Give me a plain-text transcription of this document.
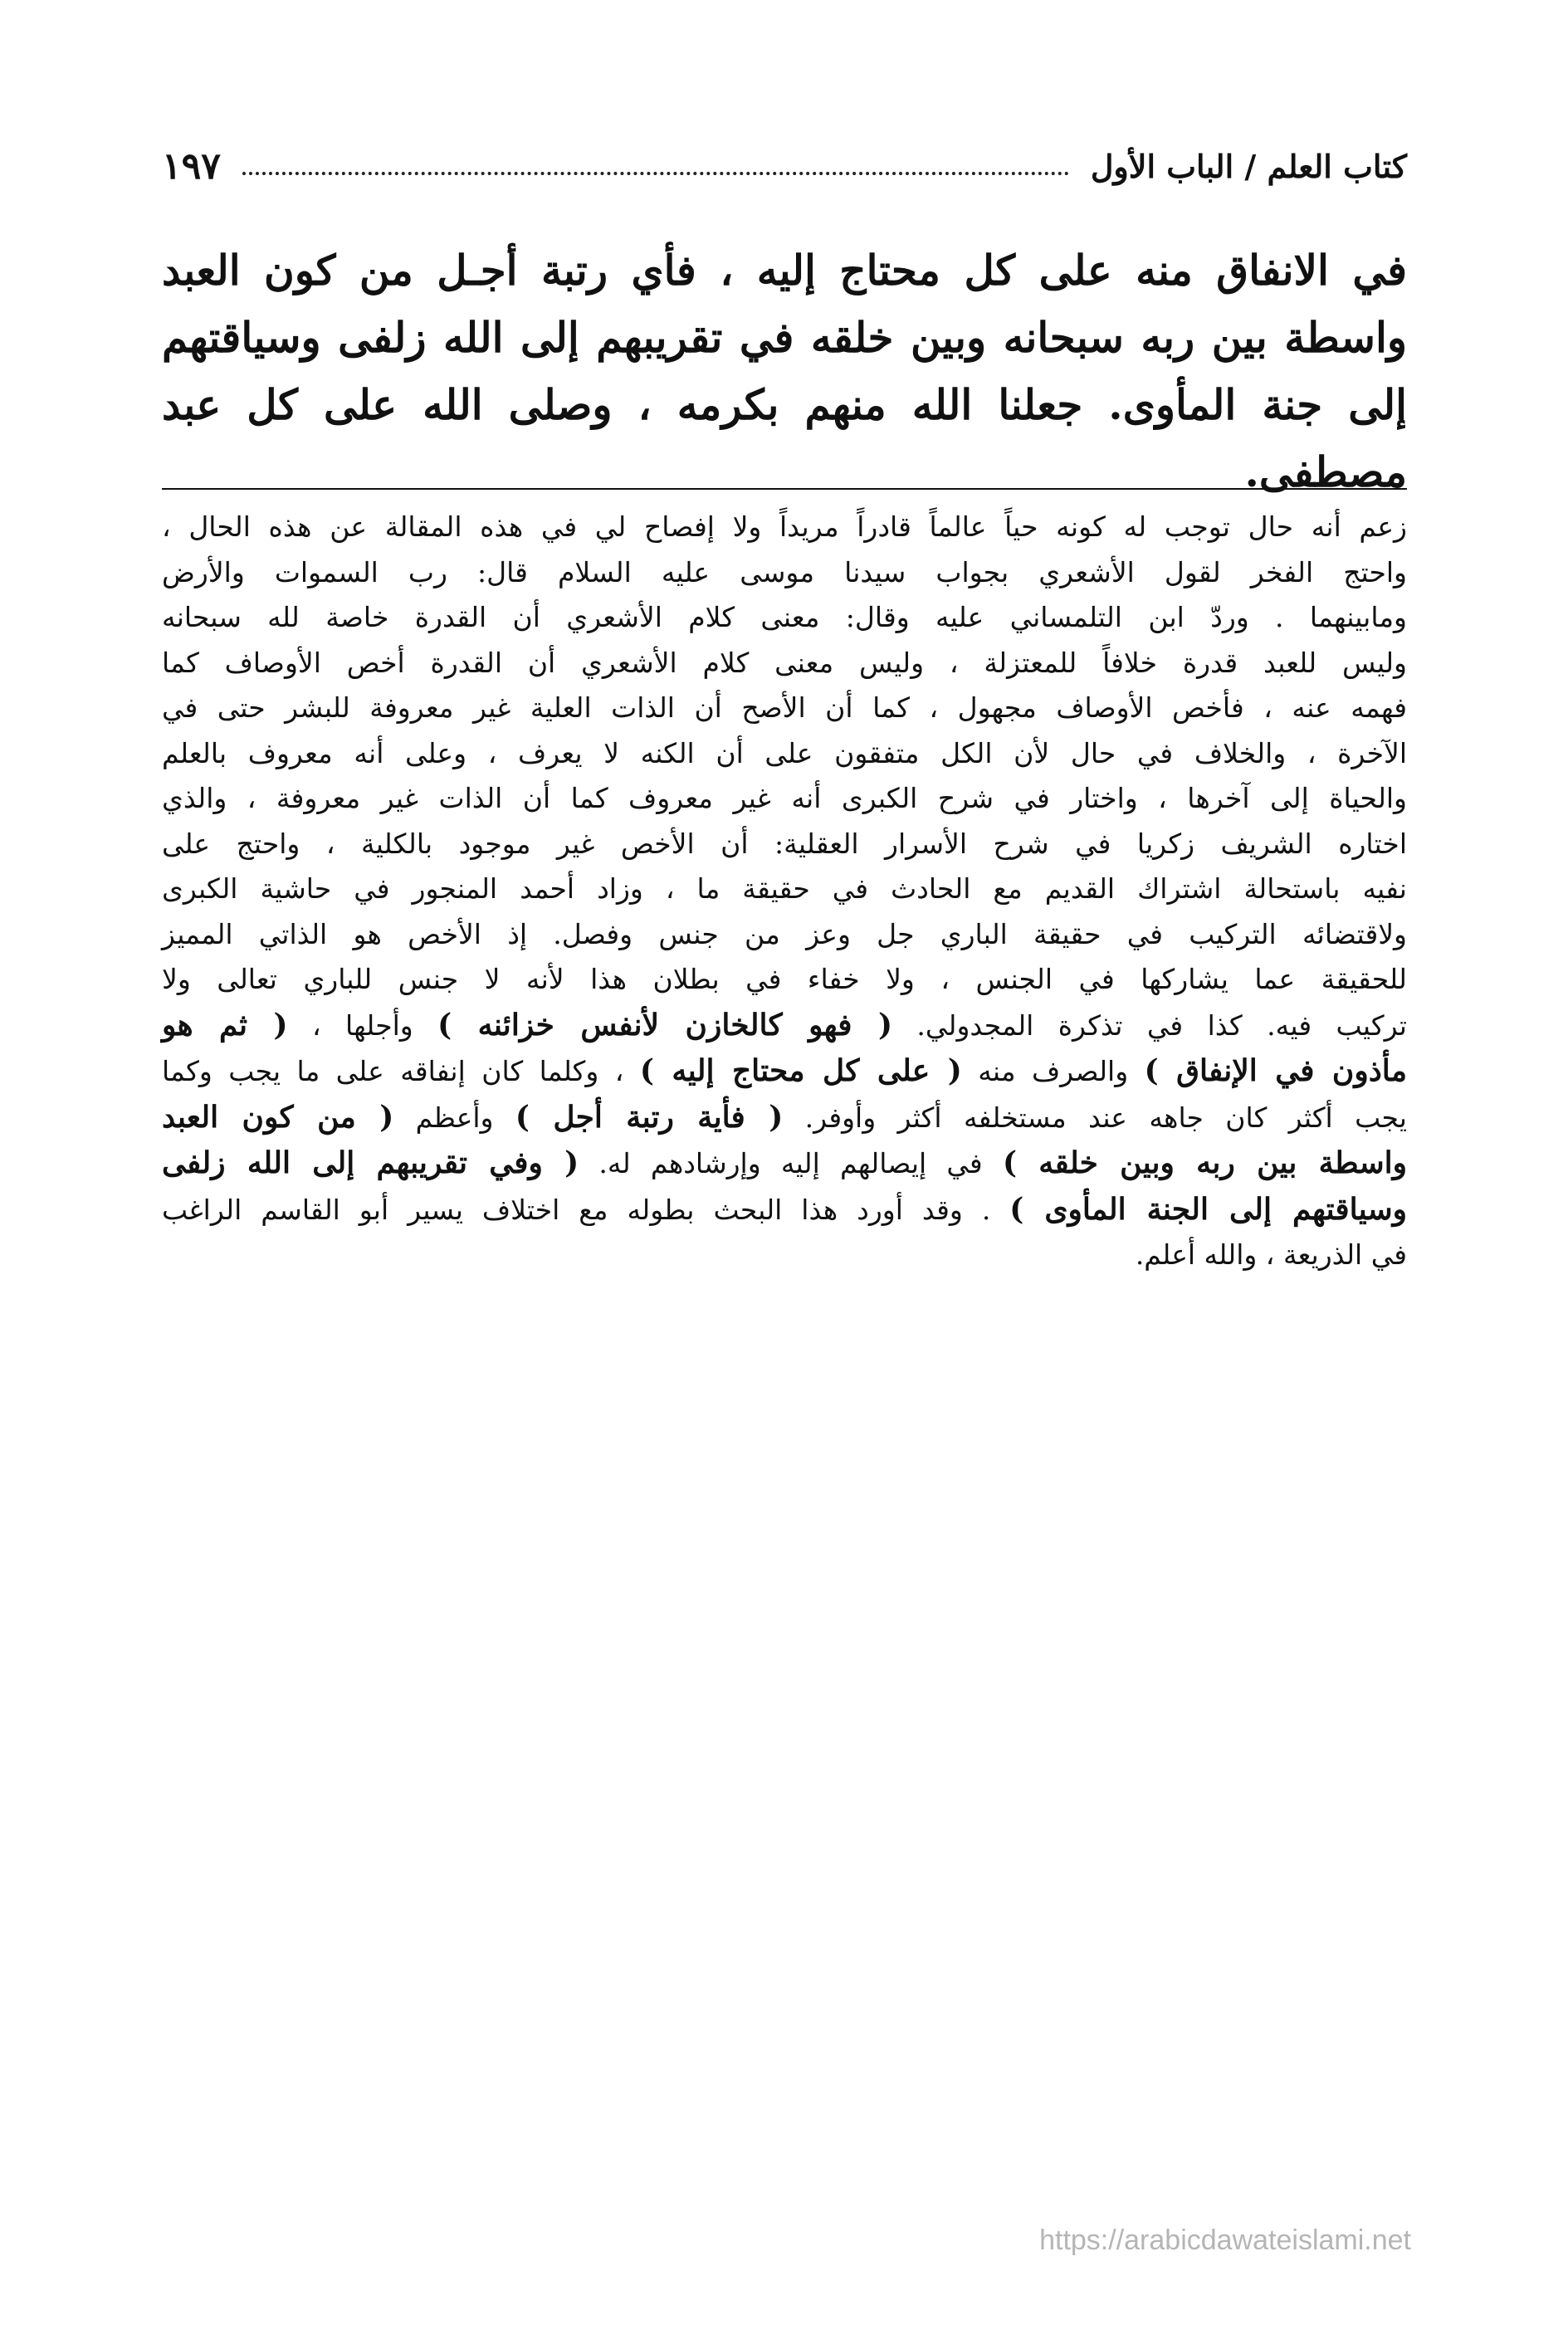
كتاب العلم / الباب الأول
١٩٧
في الانفاق منه على كل محتاج إليه ، فأي رتبة أجـل من كون العبد واسطة بين ربه سبحانه وبين خلقه في تقريبهم إلى الله زلفى وسياقتهم إلى جنة المأوى. جعلنا الله منهم بكرمه ، وصلى الله على كل عبد مصطفى.
زعم أنه حال توجب له كونه حياً عالماً قادراً مريداً ولا إفصاح لي في هذه المقالة عن هذه الحال ،
واحتج الفخر لقول الأشعري بجواب سيدنا موسى عليه السلام قال: رب السموات والأرض
ومابينهما . وردّ ابن التلمساني عليه وقال: معنى كلام الأشعري أن القدرة خاصة لله سبحانه
وليس للعبد قدرة خلافاً للمعتزلة ، وليس معنى كلام الأشعري أن القدرة أخص الأوصاف كما
فهمه عنه ، فأخص الأوصاف مجهول ، كما أن الأصح أن الذات العلية غير معروفة للبشر حتى في
الآخرة ، والخلاف في حال لأن الكل متفقون على أن الكنه لا يعرف ، وعلى أنه معروف بالعلم
والحياة إلى آخرها ، واختار في شرح الكبرى أنه غير معروف كما أن الذات غير معروفة ، والذي
اختاره الشريف زكريا في شرح الأسرار العقلية: أن الأخص غير موجود بالكلية ، واحتج على
نفيه باستحالة اشتراك القديم مع الحادث في حقيقة ما ، وزاد أحمد المنجور في حاشية الكبرى
ولاقتضائه التركيب في حقيقة الباري جل وعز من جنس وفصل. إذ الأخص هو الذاتي المميز
للحقيقة عما يشاركها في الجنس ، ولا خفاء في بطلان هذا لأنه لا جنس للباري تعالى ولا
تركيب فيه. كذا في تذكرة المجدولي. ( فهو كالخازن لأنفس خزائنه ) وأجلها ، ( ثم هو
مأذون في الإنفاق ) والصرف منه ( على كل محتاج إليه ) ، وكلما كان إنفاقه على ما يجب وكما
يجب أكثر كان جاهه عند مستخلفه أكثر وأوفر. ( فأية رتبة أجل ) وأعظم ( من كون العبد
واسطة بين ربه وبين خلقه ) في إيصالهم إليه وإرشادهم له. ( وفي تقريبهم إلى الله زلفى
وسياقتهم إلى الجنة المأوى ) . وقد أورد هذا البحث بطوله مع اختلاف يسير أبو القاسم الراغب
في الذريعة ، والله أعلم.
https://arabicdawateislami.net
